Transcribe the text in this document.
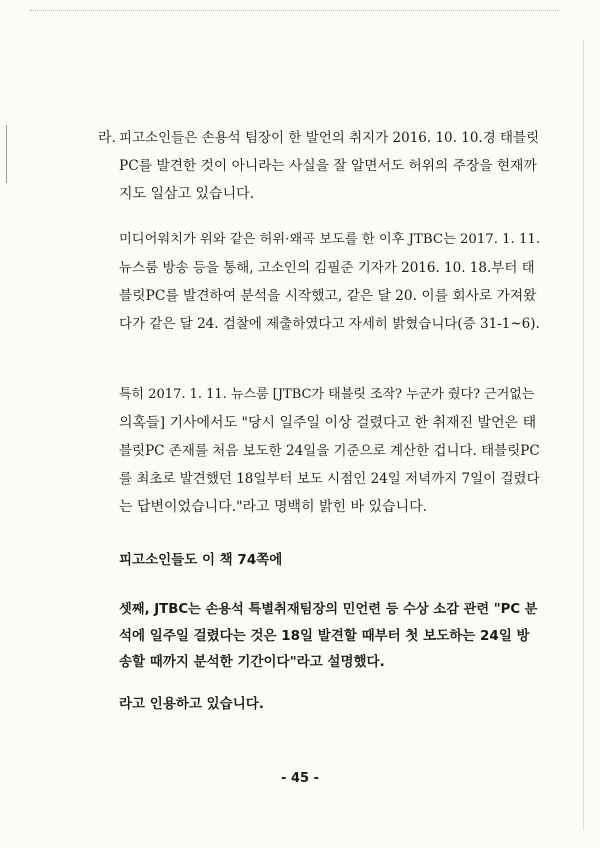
라. 피고소인들은 손용석 팀장이 한 발언의 취지가 2016. 10. 10.경 태블릿
PC를 발견한 것이 아니라는 사실을 잘 알면서도 허위의 주장을 현재까
지도 일삼고 있습니다.
미디어워치가 위와 같은 허위·왜곡 보도를 한 이후 JTBC는 2017. 1. 11.
뉴스룸 방송 등을 통해, 고소인의 김필준 기자가 2016. 10. 18.부터 태
블릿PC를 발견하여 분석을 시작했고, 같은 달 20. 이를 회사로 가져왔
다가 같은 달 24. 검찰에 제출하였다고 자세히 밝혔습니다(증 31-1~6).
특히 2017. 1. 11. 뉴스룸 [JTBC가 태블릿 조작? 누군가 줬다? 근거없는
의혹들] 기사에서도 "당시 일주일 이상 걸렸다고 한 취재진 발언은 태
블릿PC 존재를 처음 보도한 24일을 기준으로 계산한 겁니다. 태블릿PC
를 최초로 발견했던 18일부터 보도 시점인 24일 저녁까지 7일이 걸렸다
는 답변이었습니다."라고 명백히 밝힌 바 있습니다.

피고소인들도 이 책 74쪽에

셋째, JTBC는 손용석 특별취재팀장의 민언련 등 수상 소감 관련 "PC 분
석에 일주일 걸렸다는 것은 18일 발견할 때부터 첫 보도하는 24일 방
송할 때까지 분석한 기간이다"라고 설명했다.

라고 인용하고 있습니다.

- 45 -
